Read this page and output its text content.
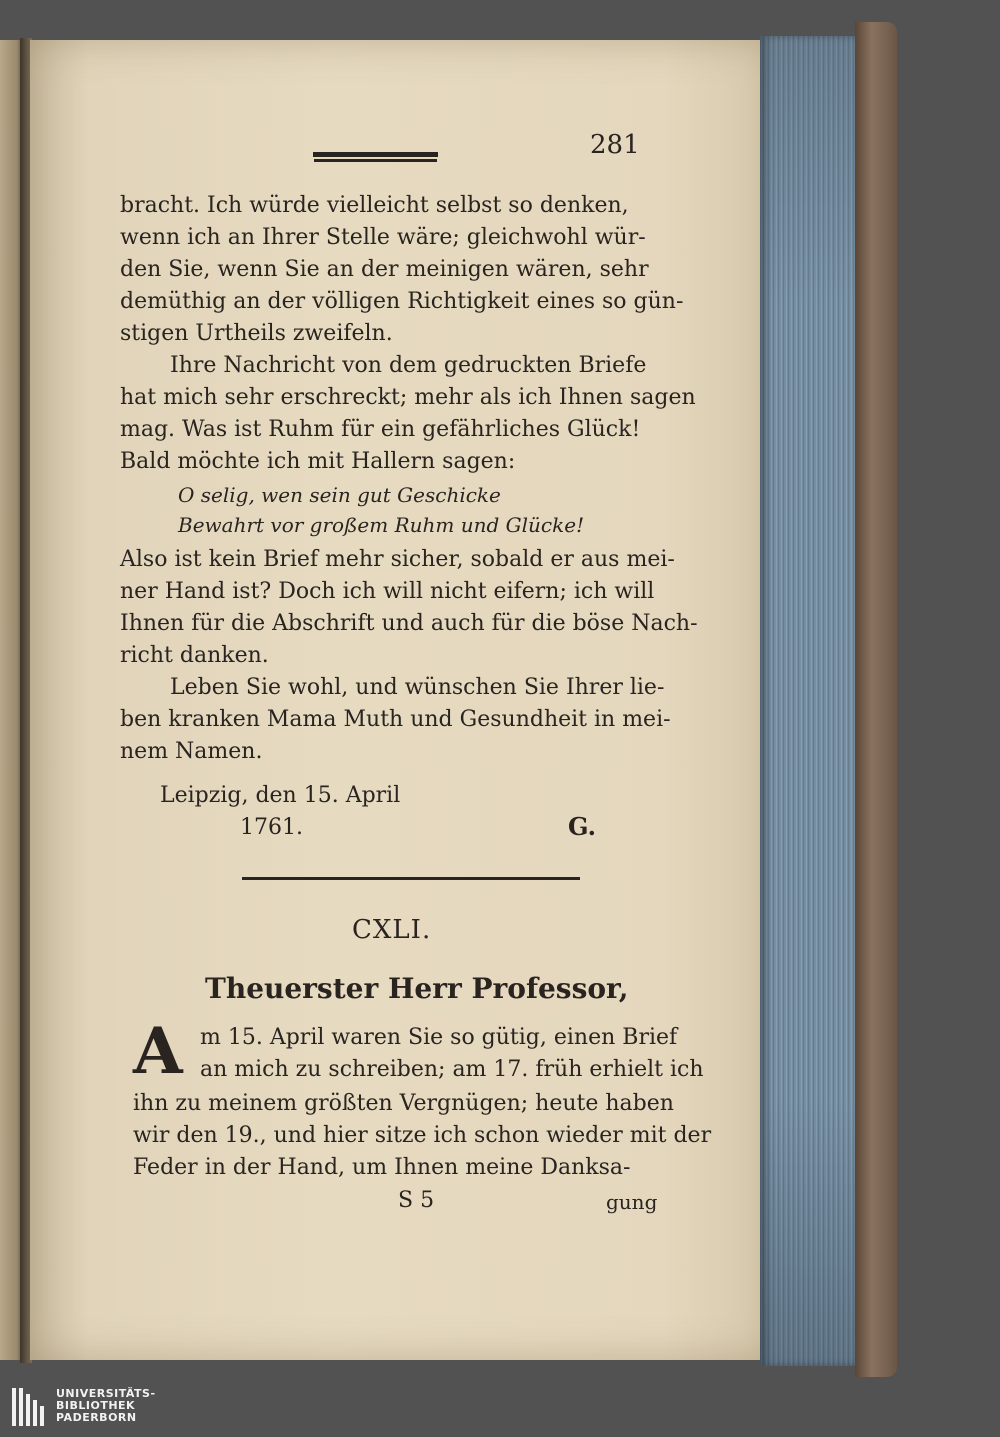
281
bracht. Ich würde vielleicht selbst so denken,
wenn ich an Ihrer Stelle wäre; gleichwohl wür-
den Sie, wenn Sie an der meinigen wären, sehr
demüthig an der völligen Richtigkeit eines so gün-
stigen Urtheils zweifeln.
Ihre Nachricht von dem gedruckten Briefe
hat mich sehr erschreckt; mehr als ich Ihnen sagen
mag. Was ist Ruhm für ein gefährliches Glück!
Bald möchte ich mit Hallern sagen:
O selig, wen sein gut Geschicke
Bewahrt vor großem Ruhm und Glücke!
Also ist kein Brief mehr sicher, sobald er aus mei-
ner Hand ist? Doch ich will nicht eifern; ich will
Ihnen für die Abschrift und auch für die böse Nach-
richt danken.
Leben Sie wohl, und wünschen Sie Ihrer lie-
ben kranken Mama Muth und Gesundheit in mei-
nem Namen.
Leipzig, den 15. April
1761.	G.
CXLI.
Theuerster Herr Professor,
A m 15. April waren Sie so gütig, einen Brief
an mich zu schreiben; am 17. früh erhielt ich
ihn zu meinem größten Vergnügen; heute haben
wir den 19., und hier sitze ich schon wieder mit der
Feder in der Hand, um Ihnen meine Danksa-
S 5	gung
UNIVERSITÄTS-
BIBLIOTHEK
PADERBORN
